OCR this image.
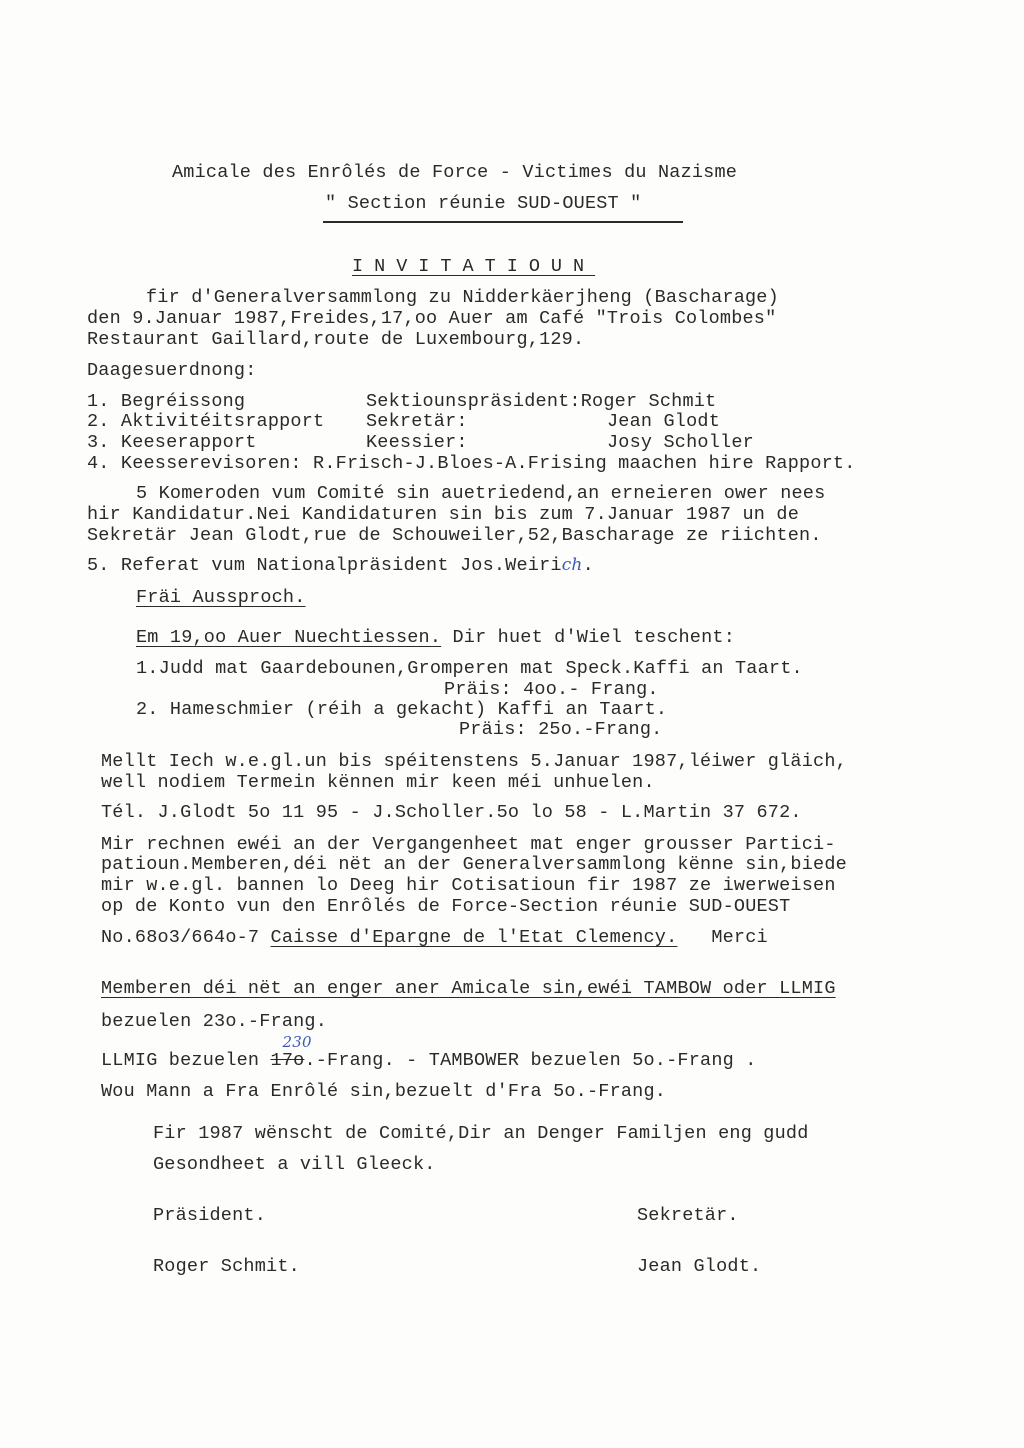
Amicale des Enrôlés de Force - Victimes du Nazisme
" Section réunie SUD-OUEST "
INVITATIOUN
fir d'Generalversammlong zu Nidderkäerjheng (Bascharage)
den 9.Januar 1987,Freides,17,oo Auer am Café "Trois Colombes"
Restaurant Gaillard,route de Luxembourg,129.
Daagesuerdnong:
1. Begréissong	Sektiounspräsident:Roger Schmit
2. Aktivitéitsrapport Sekretär:	Jean Glodt
3. Keeserapport	Keessier:	Josy Scholler
4. Keesserevisoren: R.Frisch-J.Bloes-A.Frising maachen hire Rapport.
5 Komeroden vum Comité sin auetriedend,an erneieren ower nees
hir Kandidatur.Nei Kandidaturen sin bis zum 7.Januar 1987 un de
Sekretär Jean Glodt,rue de Schouweiler,52,Bascharage ze riichten.
5. Referat vum Nationalpräsident Jos.Weirich.
Fräi Aussproch.
Em 19,oo Auer Nuechtiessen. Dir huet d'Wiel teschent:
1.Judd mat Gaardebounen,Gromperen mat Speck.Kaffi an Taart.
Präis: 4oo.- Frang.
2. Hameschmier (réih a gekacht) Kaffi an Taart.
Präis: 25o.-Frang.
Mellt Iech w.e.gl.un bis spéitenstens 5.Januar 1987,léiwer gläich,
well nodiem Termein kënnen mir keen méi unhuelen.
Tél. J.Glodt 5o 11 95 - J.Scholler.5o lo 58 - L.Martin 37 672.
Mir rechnen ewéi an der Vergangenheet mat enger grousser Partici-
patioun.Memberen,déi nët an der Generalversammlong kënne sin,biede
mir w.e.gl. bannen lo Deeg hir Cotisatioun fir 1987 ze iwerweisen
op de Konto vun den Enrôlés de Force-Section réunie SUD-OUEST
No.68o3/664o-7 Caisse d'Epargne de l'Etat Clemency. Merci
Memberen déi nët an enger aner Amicale sin,ewéi TAMBOW oder LLMIG
bezuelen 23o.-Frang.
LLMIG bezuelen 17o
230
.-Frang. - TAMBOWER bezuelen 5o.-Frang .
Wou Mann a Fra Enrôlé sin,bezuelt d'Fra 5o.-Frang.
Fir 1987 wënscht de Comité,Dir an Denger Familjen eng gudd
Gesondheet a vill Gleeck.
Präsident.	Sekretär.
Roger Schmit.	Jean Glodt.
